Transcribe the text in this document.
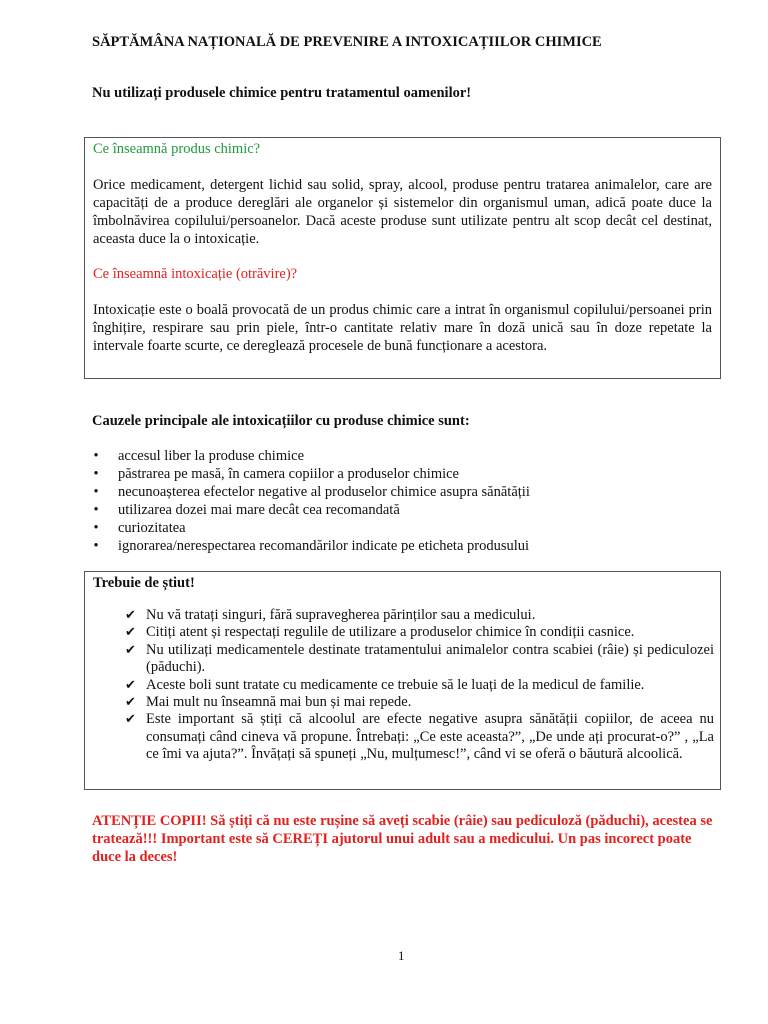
SĂPTĂMÂNA NAȚIONALĂ DE PREVENIRE A INTOXICAȚIILOR CHIMICE
Nu utilizați produsele chimice pentru tratamentul oamenilor!

Ce înseamnă produs chimic?

Orice medicament, detergent lichid sau solid, spray, alcool, produse pentru tratarea animalelor, care are capacități de a produce dereglări ale organelor și sistemelor din organismul uman, adică poate duce la îmbolnăvirea copilului/persoanelor. Dacă aceste produse sunt utilizate pentru alt scop decât cel destinat, aceasta duce la o intoxicație.

Ce înseamnă intoxicație (otrăvire)?

Intoxicație este o boală provocată de un produs chimic care a intrat în organismul copilului/persoanei prin înghițire, respirare sau prin piele, într-o cantitate relativ mare în doză unică sau în doze repetate la intervale foarte scurte, ce dereglează procesele de bună funcționare a acestora.

Cauzele principale ale intoxicațiilor cu produse chimice sunt:
• accesul liber la produse chimice
• păstrarea pe masă, în camera copiilor a produselor chimice
• necunoașterea efectelor negative al produselor chimice asupra sănătății
• utilizarea dozei mai mare decât cea recomandată
• curiozitatea
• ignorarea/nerespectarea recomandărilor indicate pe eticheta produsului

Trebuie de știut!

✔ Nu vă tratați singuri, fără supravegherea părinților sau a medicului.
✔ Citiți atent și respectați regulile de utilizare a produselor chimice în condiții casnice.
✔ Nu utilizați medicamentele destinate tratamentului animalelor contra scabiei (râie) și pediculozei (păduchi).
✔ Aceste boli sunt tratate cu medicamente ce trebuie să le luați de la medicul de familie.
✔ Mai mult nu înseamnă mai bun și mai repede.
✔ Este important să știți că alcoolul are efecte negative asupra sănătății copiilor, de aceea nu consumați când cineva vă propune. Întrebați: „Ce este aceasta?”, „De unde ați procurat-o?” , „La ce îmi va ajuta?”. Învățați să spuneți „Nu, mulțumesc!”, când vi se oferă o băutură alcoolică.
ATENȚIE COPII! Să știți că nu este rușine să aveți scabie (râie) sau pediculoză (păduchi), acestea se tratează!!! Important este să CEREȚI ajutorul unui adult sau a medicului. Un pas incorect poate duce la deces!
1
